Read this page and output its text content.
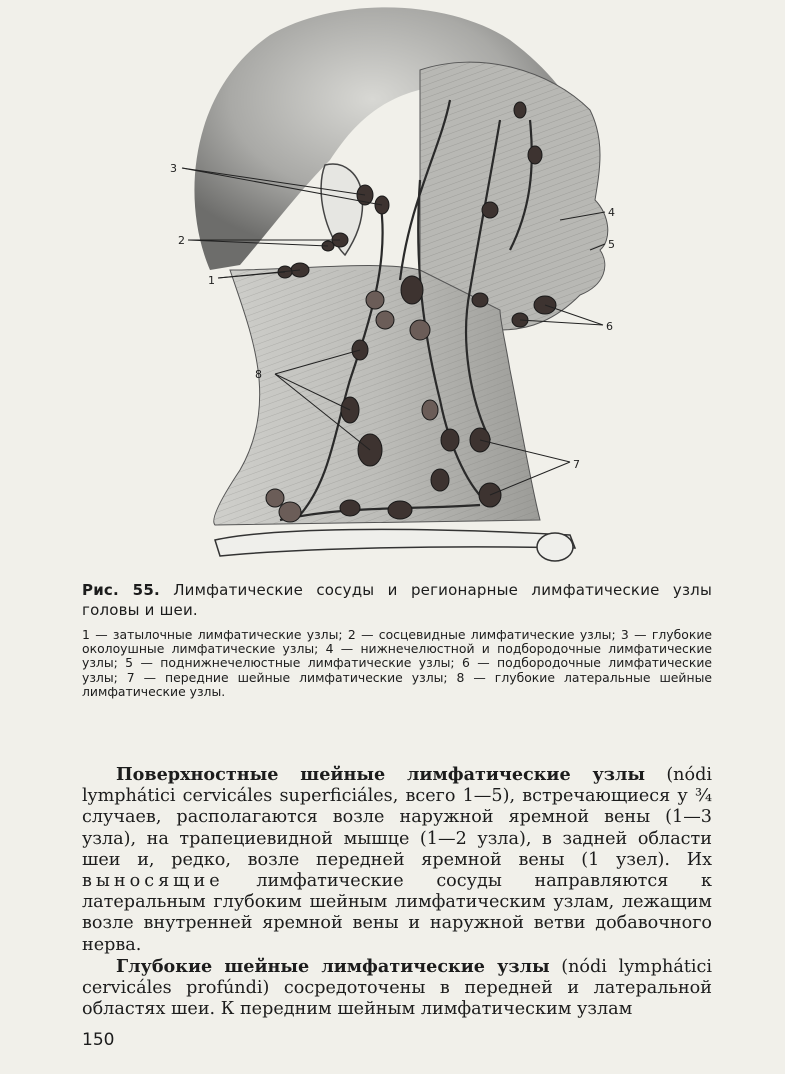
3
2
1
4
5
6
7
8
Рис. 55. Лимфатические сосуды и регионарные лимфатические узлы головы и шеи.
1 — затылочные лимфатические узлы; 2 — сосцевидные лимфатические узлы; 3 — глубокие околоушные лимфатические узлы; 4 — нижнечелюстной и подбородочные лимфатические узлы; 5 — поднижнечелюстные лимфатические узлы; 6 — подбородочные лимфатические узлы; 7 — передние шейные лимфатические узлы; 8 — глубокие латеральные шейные лимфатические узлы.

Поверхностные шейные лимфатические узлы (nódi lymphátici cerviсáles superficiáles, всего 1—5), встречающиеся у ¾ случаев, располагаются возле наружной яремной вены (1—3 узла), на трапециевидной мышце (1—2 узла), в задней области шеи и, редко, возле передней яремной вены (1 узел). Их выносящие лимфатические сосуды направляются к латеральным глубоким шейным лимфатическим узлам, лежащим возле внутренней яремной вены и наружной ветви добавочного нерва.

Глубокие шейные лимфатические узлы (nódi lymphátici cerviсáles profúndi) сосредоточены в передней и латеральной областях шеи. К передним шейным лимфатическим узлам

150
